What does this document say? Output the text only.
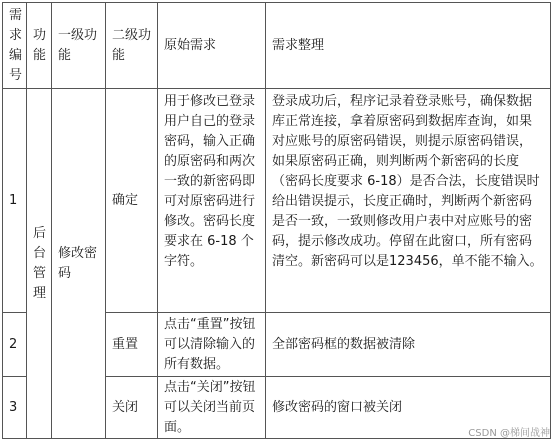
需求编号	功能	一级功能	二级功能	原始需求	需求整理
1	后台管理	修改密码	确定	用于修改已登录用户自己的登录密码，输入正确的原密码和两次一致的新密码即可对原密码进行修改。密码长度要求在 6-18 个字符。	登录成功后，程序记录着登录账号，确保数据库正常连接，拿着原密码到数据库查询，如果对应账号的原密码错误，则提示原密码错误，如果原密码正确，则判断两个新密码的长度（密码长度要求 6-18）是否合法，长度错误时给出错误提示，长度正确时，判断两个新密码是否一致，一致则修改用户表中对应账号的密码，提示修改成功。停留在此窗口，所有密码清空。新密码可以是123456，单不能不输入。
2			重置	点击“重置”按钮可以清除输入的所有数据。	全部密码框的数据被清除
3			关闭	点击“关闭”按钮可以关闭当前页面。	修改密码的窗口被关闭
CSDN @梯间战神
